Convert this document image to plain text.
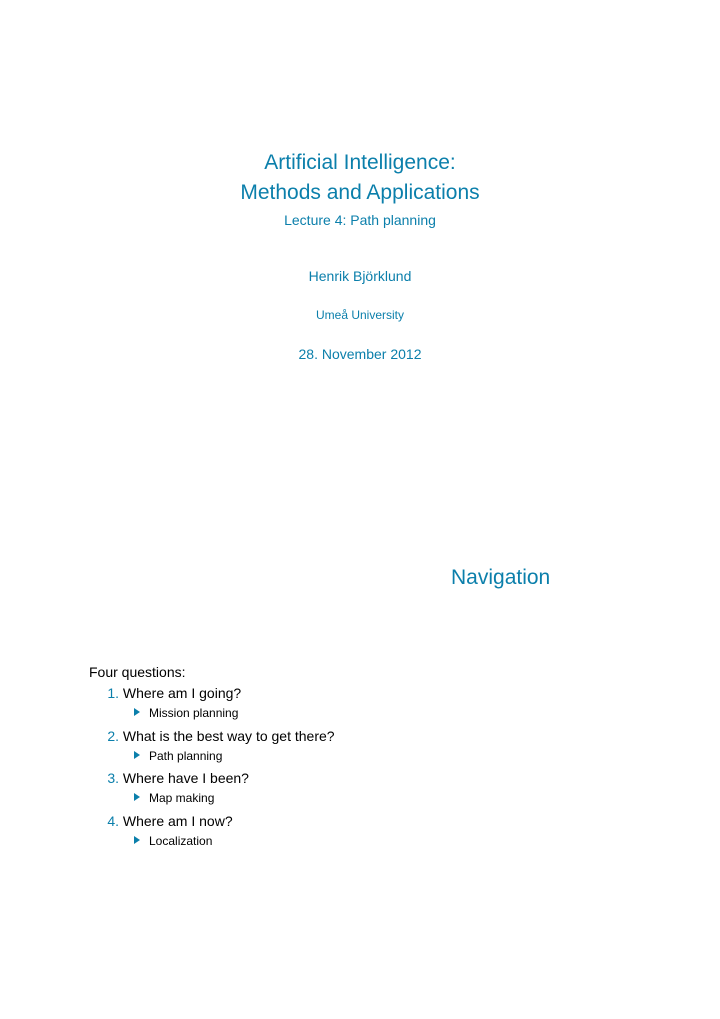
Artificial Intelligence:
Methods and Applications
Lecture 4: Path planning
Henrik Björklund
Umeå University
28. November 2012
Navigation
Four questions:
1. Where am I going?
Mission planning
2. What is the best way to get there?
Path planning
3. Where have I been?
Map making
4. Where am I now?
Localization
